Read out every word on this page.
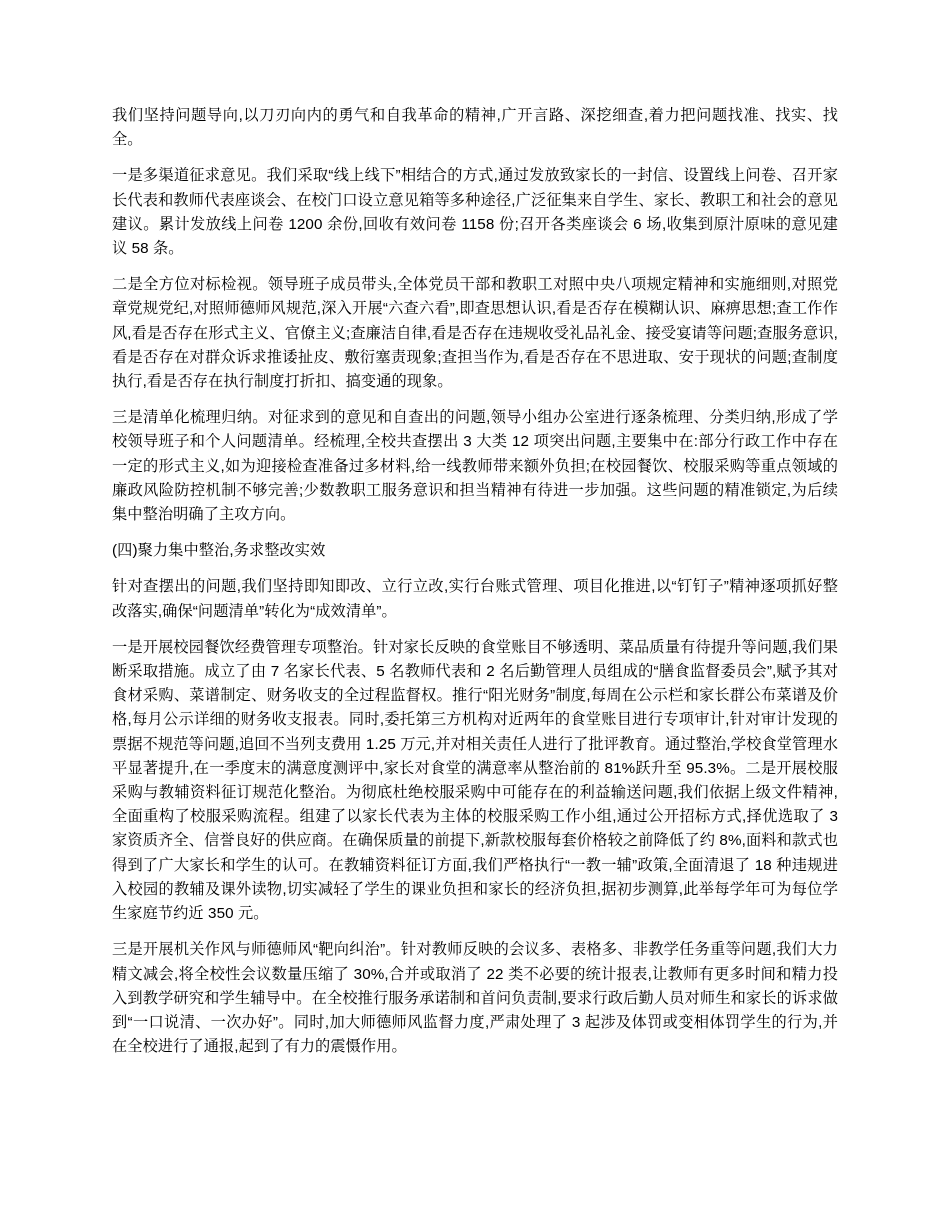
我们坚持问题导向,以刀刃向内的勇气和自我革命的精神,广开言路、深挖细查,着力把问题找准、找实、找全。

一是多渠道征求意见。我们采取“线上线下”相结合的方式,通过发放致家长的一封信、设置线上问卷、召开家长代表和教师代表座谈会、在校门口设立意见箱等多种途径,广泛征集来自学生、家长、教职工和社会的意见建议。累计发放线上问卷 1200 余份,回收有效问卷 1158 份;召开各类座谈会 6 场,收集到原汁原味的意见建议 58 条。

二是全方位对标检视。领导班子成员带头,全体党员干部和教职工对照中央八项规定精神和实施细则,对照党章党规党纪,对照师德师风规范,深入开展“六查六看”,即查思想认识,看是否存在模糊认识、麻痹思想;查工作作风,看是否存在形式主义、官僚主义;查廉洁自律,看是否存在违规收受礼品礼金、接受宴请等问题;查服务意识,看是否存在对群众诉求推诿扯皮、敷衍塞责现象;查担当作为,看是否存在不思进取、安于现状的问题;查制度执行,看是否存在执行制度打折扣、搞变通的现象。

三是清单化梳理归纳。对征求到的意见和自查出的问题,领导小组办公室进行逐条梳理、分类归纳,形成了学校领导班子和个人问题清单。经梳理,全校共查摆出 3 大类 12 项突出问题,主要集中在:部分行政工作中存在一定的形式主义,如为迎接检查准备过多材料,给一线教师带来额外负担;在校园餐饮、校服采购等重点领域的廉政风险防控机制不够完善;少数教职工服务意识和担当精神有待进一步加强。这些问题的精准锁定,为后续集中整治明确了主攻方向。

(四)聚力集中整治,务求整改实效

针对查摆出的问题,我们坚持即知即改、立行立改,实行台账式管理、项目化推进,以“钉钉子”精神逐项抓好整改落实,确保“问题清单”转化为“成效清单”。

一是开展校园餐饮经费管理专项整治。针对家长反映的食堂账目不够透明、菜品质量有待提升等问题,我们果断采取措施。成立了由 7 名家长代表、5 名教师代表和 2 名后勤管理人员组成的“膳食监督委员会”,赋予其对食材采购、菜谱制定、财务收支的全过程监督权。推行“阳光财务”制度,每周在公示栏和家长群公布菜谱及价格,每月公示详细的财务收支报表。同时,委托第三方机构对近两年的食堂账目进行专项审计,针对审计发现的票据不规范等问题,追回不当列支费用 1.25 万元,并对相关责任人进行了批评教育。通过整治,学校食堂管理水平显著提升,在一季度末的满意度测评中,家长对食堂的满意率从整治前的 81%跃升至 95.3%。二是开展校服采购与教辅资料征订规范化整治。为彻底杜绝校服采购中可能存在的利益输送问题,我们依据上级文件精神,全面重构了校服采购流程。组建了以家长代表为主体的校服采购工作小组,通过公开招标方式,择优选取了 3 家资质齐全、信誉良好的供应商。在确保质量的前提下,新款校服每套价格较之前降低了约 8%,面料和款式也得到了广大家长和学生的认可。在教辅资料征订方面,我们严格执行“一教一辅”政策,全面清退了 18 种违规进入校园的教辅及课外读物,切实减轻了学生的课业负担和家长的经济负担,据初步测算,此举每学年可为每位学生家庭节约近 350 元。

三是开展机关作风与师德师风“靶向纠治”。针对教师反映的会议多、表格多、非教学任务重等问题,我们大力精文减会,将全校性会议数量压缩了 30%,合并或取消了 22 类不必要的统计报表,让教师有更多时间和精力投入到教学研究和学生辅导中。在全校推行服务承诺制和首问负责制,要求行政后勤人员对师生和家长的诉求做到“一口说清、一次办好”。同时,加大师德师风监督力度,严肃处理了 3 起涉及体罚或变相体罚学生的行为,并在全校进行了通报,起到了有力的震慑作用。
